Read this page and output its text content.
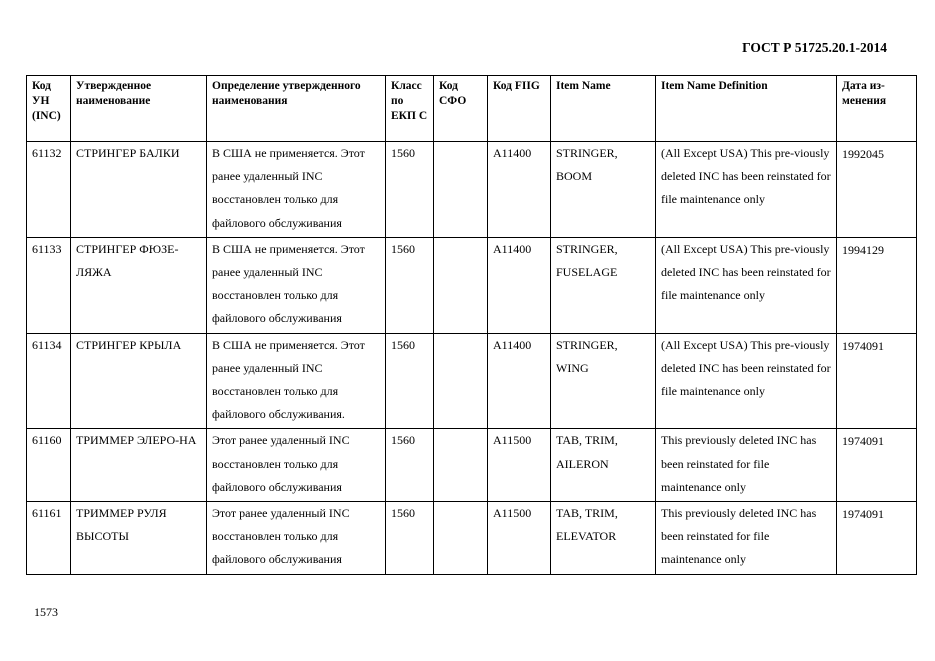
ГОСТ Р 51725.20.1-2014
Код УН (INC)	Утвержденное наименование	Определение утвержденного наименования	Класс по ЕКП С	Код СФО	Код FIIG	Item Name	Item Name Definition	Дата из-менения
61132	СТРИНГЕР БАЛКИ	В США не применяется. Этот ранее удаленный INC восстановлен только для файлового обслуживания	1560		A11400	STRINGER, BOOM	(All Except USA) This pre-viously deleted INC has been reinstated for file maintenance only	1992045
61133	СТРИНГЕР ФЮЗЕ-ЛЯЖА	В США не применяется. Этот ранее удаленный INC восстановлен только для файлового обслуживания	1560		A11400	STRINGER, FUSELAGE	(All Except USA) This pre-viously deleted INC has been reinstated for file maintenance only	1994129
61134	СТРИНГЕР КРЫЛА	В США не применяется. Этот ранее удаленный INC восстановлен только для файлового обслуживания.	1560		A11400	STRINGER, WING	(All Except USA) This pre-viously deleted INC has been reinstated for file maintenance only	1974091
61160	ТРИММЕР ЭЛЕРО-НА	Этот ранее удаленный INC восстановлен только для файлового обслуживания	1560		A11500	TAB, TRIM, AILERON	This previously deleted INC has been reinstated for file maintenance only	1974091
61161	ТРИММЕР РУЛЯ ВЫСОТЫ	Этот ранее удаленный INC восстановлен только для файлового обслуживания	1560		A11500	TAB, TRIM, ELEVATOR	This previously deleted INC has been reinstated for file maintenance only	1974091
1573
